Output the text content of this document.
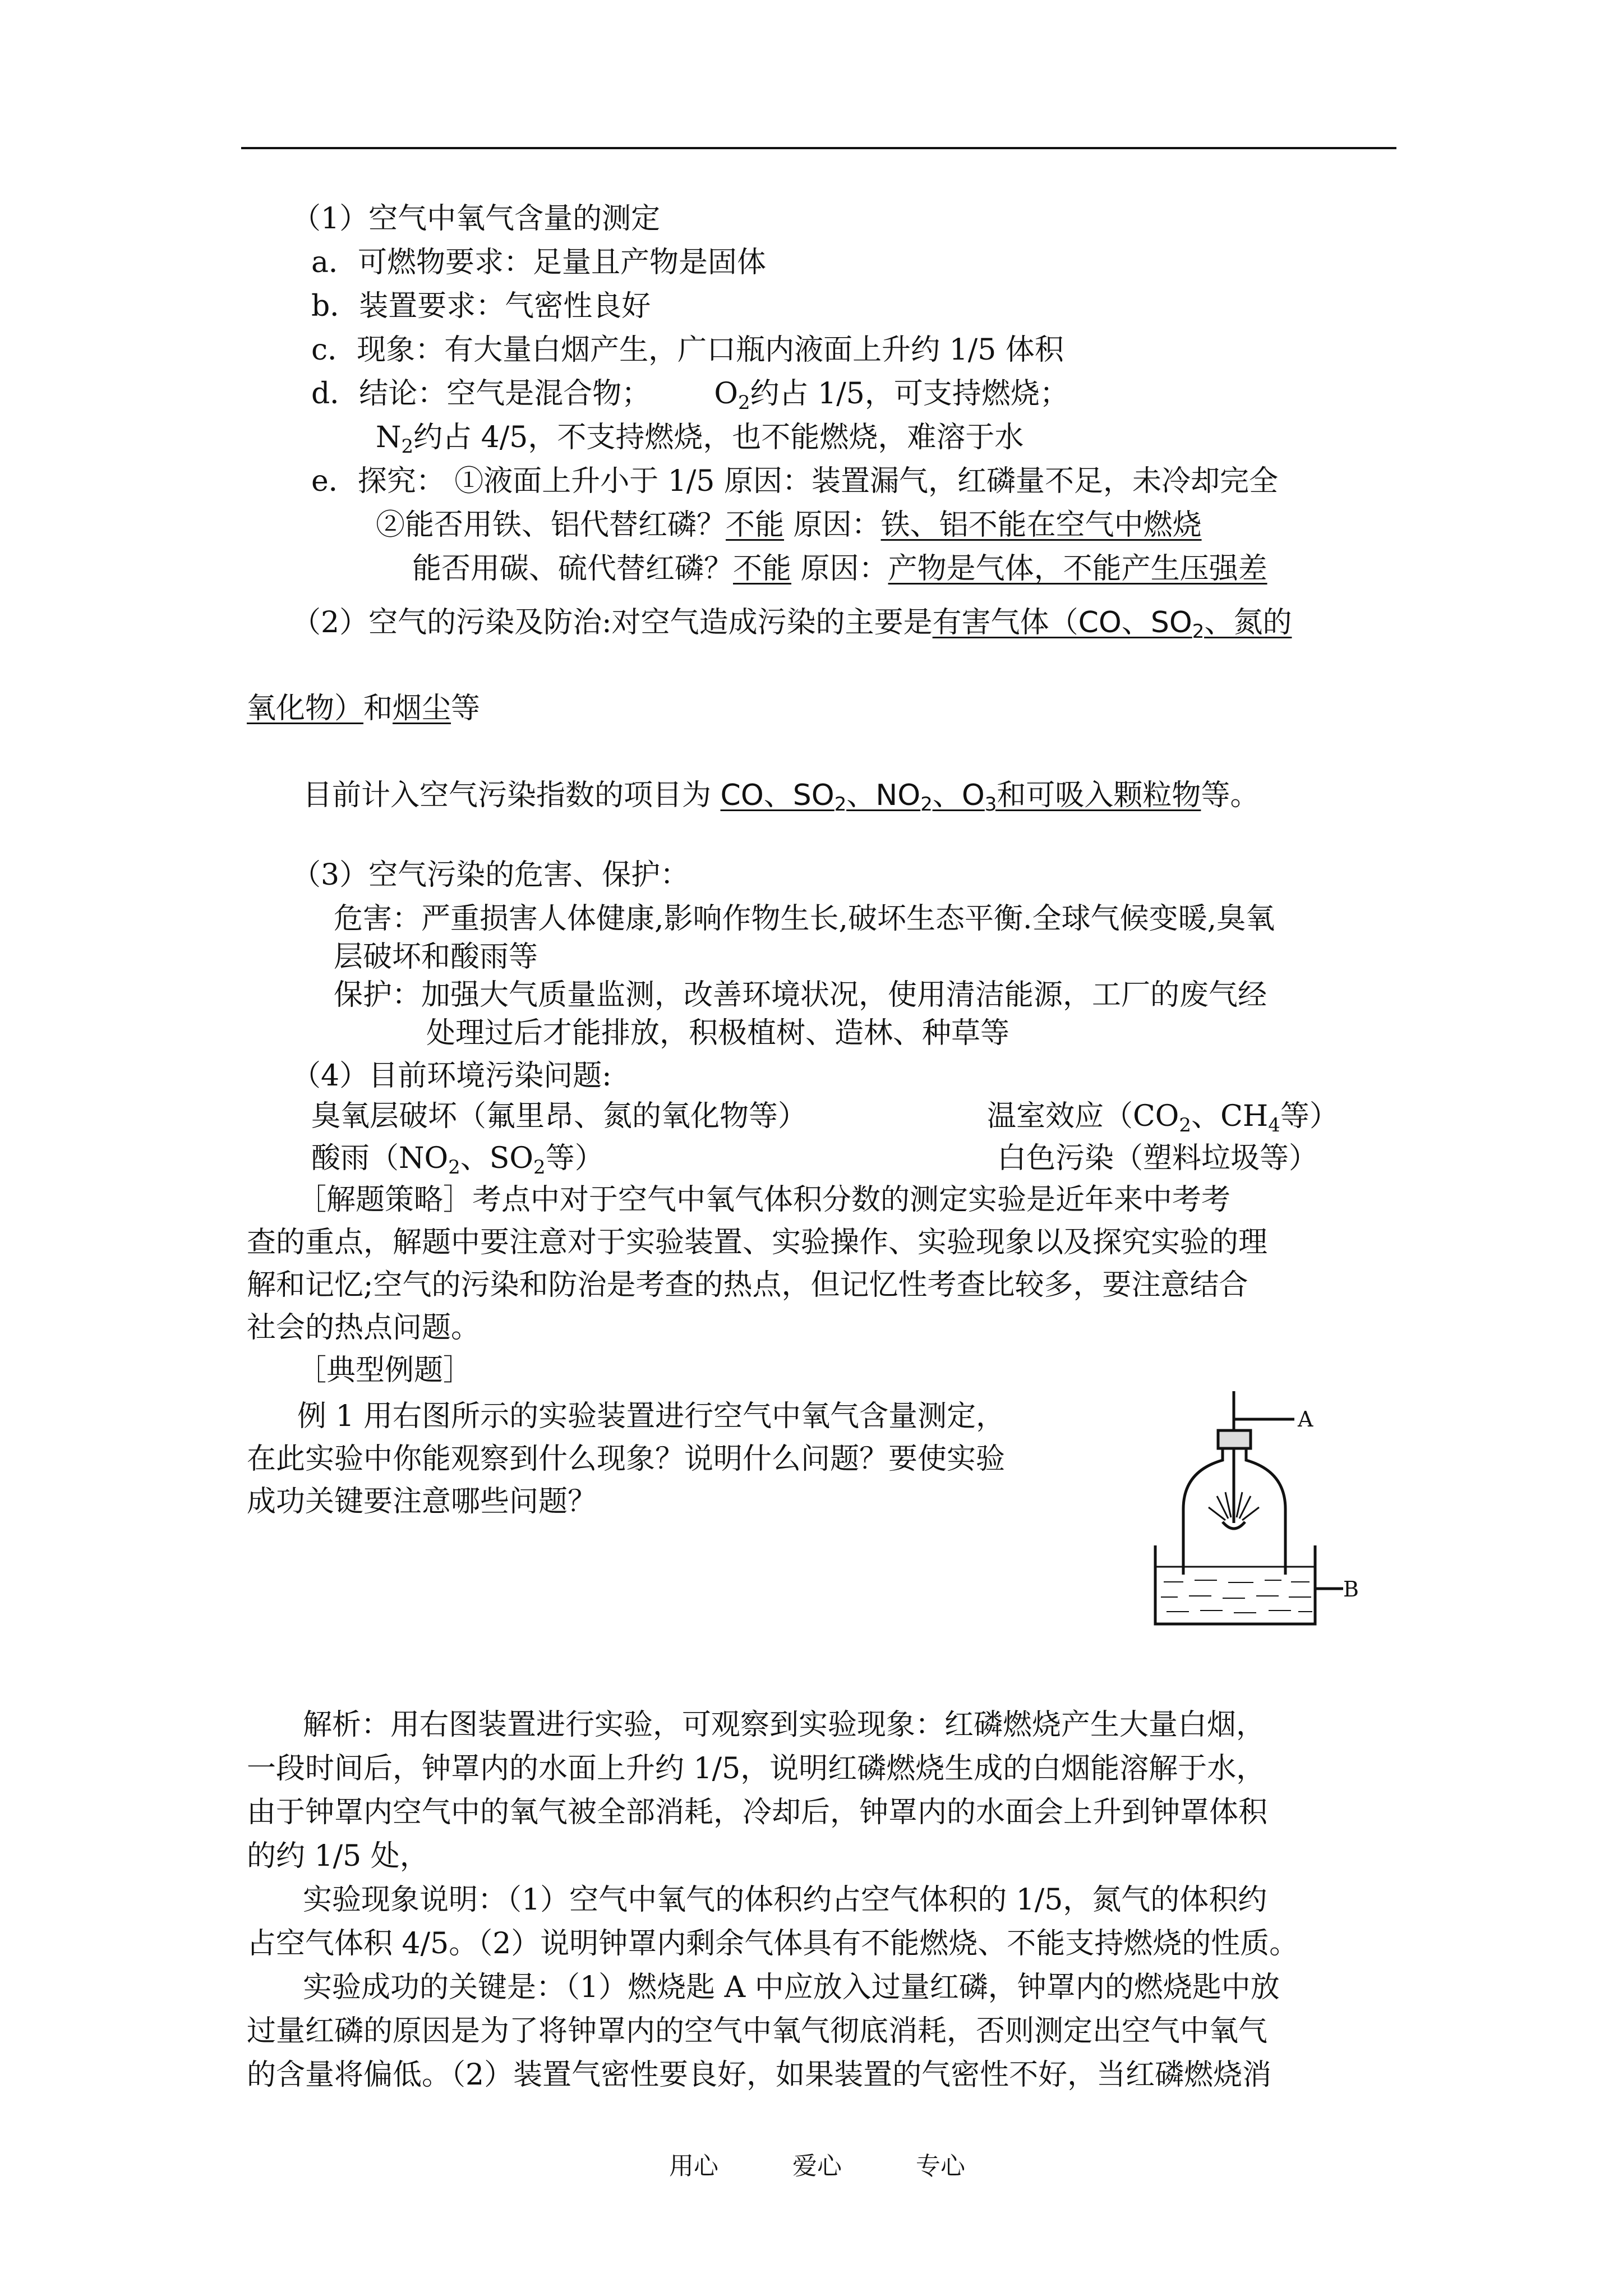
（1）空气中氧气含量的测定
a．可燃物要求：足量且产物是固体
b．装置要求：气密性良好
c．现象：有大量白烟产生，广口瓶内液面上升约 1/5 体积
d．结论：空气是混合物； $O_2$约占 1/5，可支持燃烧；
$N_2$约占 4/5，不支持燃烧，也不能燃烧，难溶于水
e．探究： ①液面上升小于 1/5 原因：装置漏气，红磷量不足，未冷却完全
②能否用铁、铝代替红磷？不能 原因：铁、铝不能在空气中燃烧
能否用碳、硫代替红磷？不能 原因：产物是气体，不能产生压强差
（2）空气的污染及防治:对空气造成污染的主要是有害气体（CO、$SO_2$、氮的
氧化物）和烟尘等
目前计入空气污染指数的项目为 CO、$SO_2$、$NO_2$、$O_3$和可吸入颗粒物等。
（3）空气污染的危害、保护：
危害：严重损害人体健康,影响作物生长,破坏生态平衡.全球气候变暖,臭氧
层破坏和酸雨等
保护：加强大气质量监测，改善环境状况，使用清洁能源，工厂的废气经
处理过后才能排放，积极植树、造林、种草等
（4）目前环境污染问题:
臭氧层破坏（氟里昂、氮的氧化物等）	温室效应（$CO_2$、$CH_4$等）
酸雨（$NO_2$、$SO_2$等）	白色污染（塑料垃圾等）
［解题策略］考点中对于空气中氧气体积分数的测定实验是近年来中考考
查的重点，解题中要注意对于实验装置、实验操作、实验现象以及探究实验的理
解和记忆;空气的污染和防治是考查的热点，但记忆性考查比较多，要注意结合
社会的热点问题。
［典型例题］
例 1 用右图所示的实验装置进行空气中氧气含量测定，
在此实验中你能观察到什么现象？说明什么问题？要使实验
成功关键要注意哪些问题？
A
B
解析：用右图装置进行实验，可观察到实验现象：红磷燃烧产生大量白烟，
一段时间后，钟罩内的水面上升约 1/5，说明红磷燃烧生成的白烟能溶解于水，
由于钟罩内空气中的氧气被全部消耗，冷却后，钟罩内的水面会上升到钟罩体积
的约 1/5 处，
实验现象说明：（1）空气中氧气的体积约占空气体积的 1/5，氮气的体积约
占空气体积 4/5。（2）说明钟罩内剩余气体具有不能燃烧、不能支持燃烧的性质。
实验成功的关键是：（1）燃烧匙 A 中应放入过量红磷，钟罩内的燃烧匙中放
过量红磷的原因是为了将钟罩内的空气中氧气彻底消耗，否则测定出空气中氧气
的含量将偏低。（2）装置气密性要良好，如果装置的气密性不好，当红磷燃烧消
用心	爱心	专心
